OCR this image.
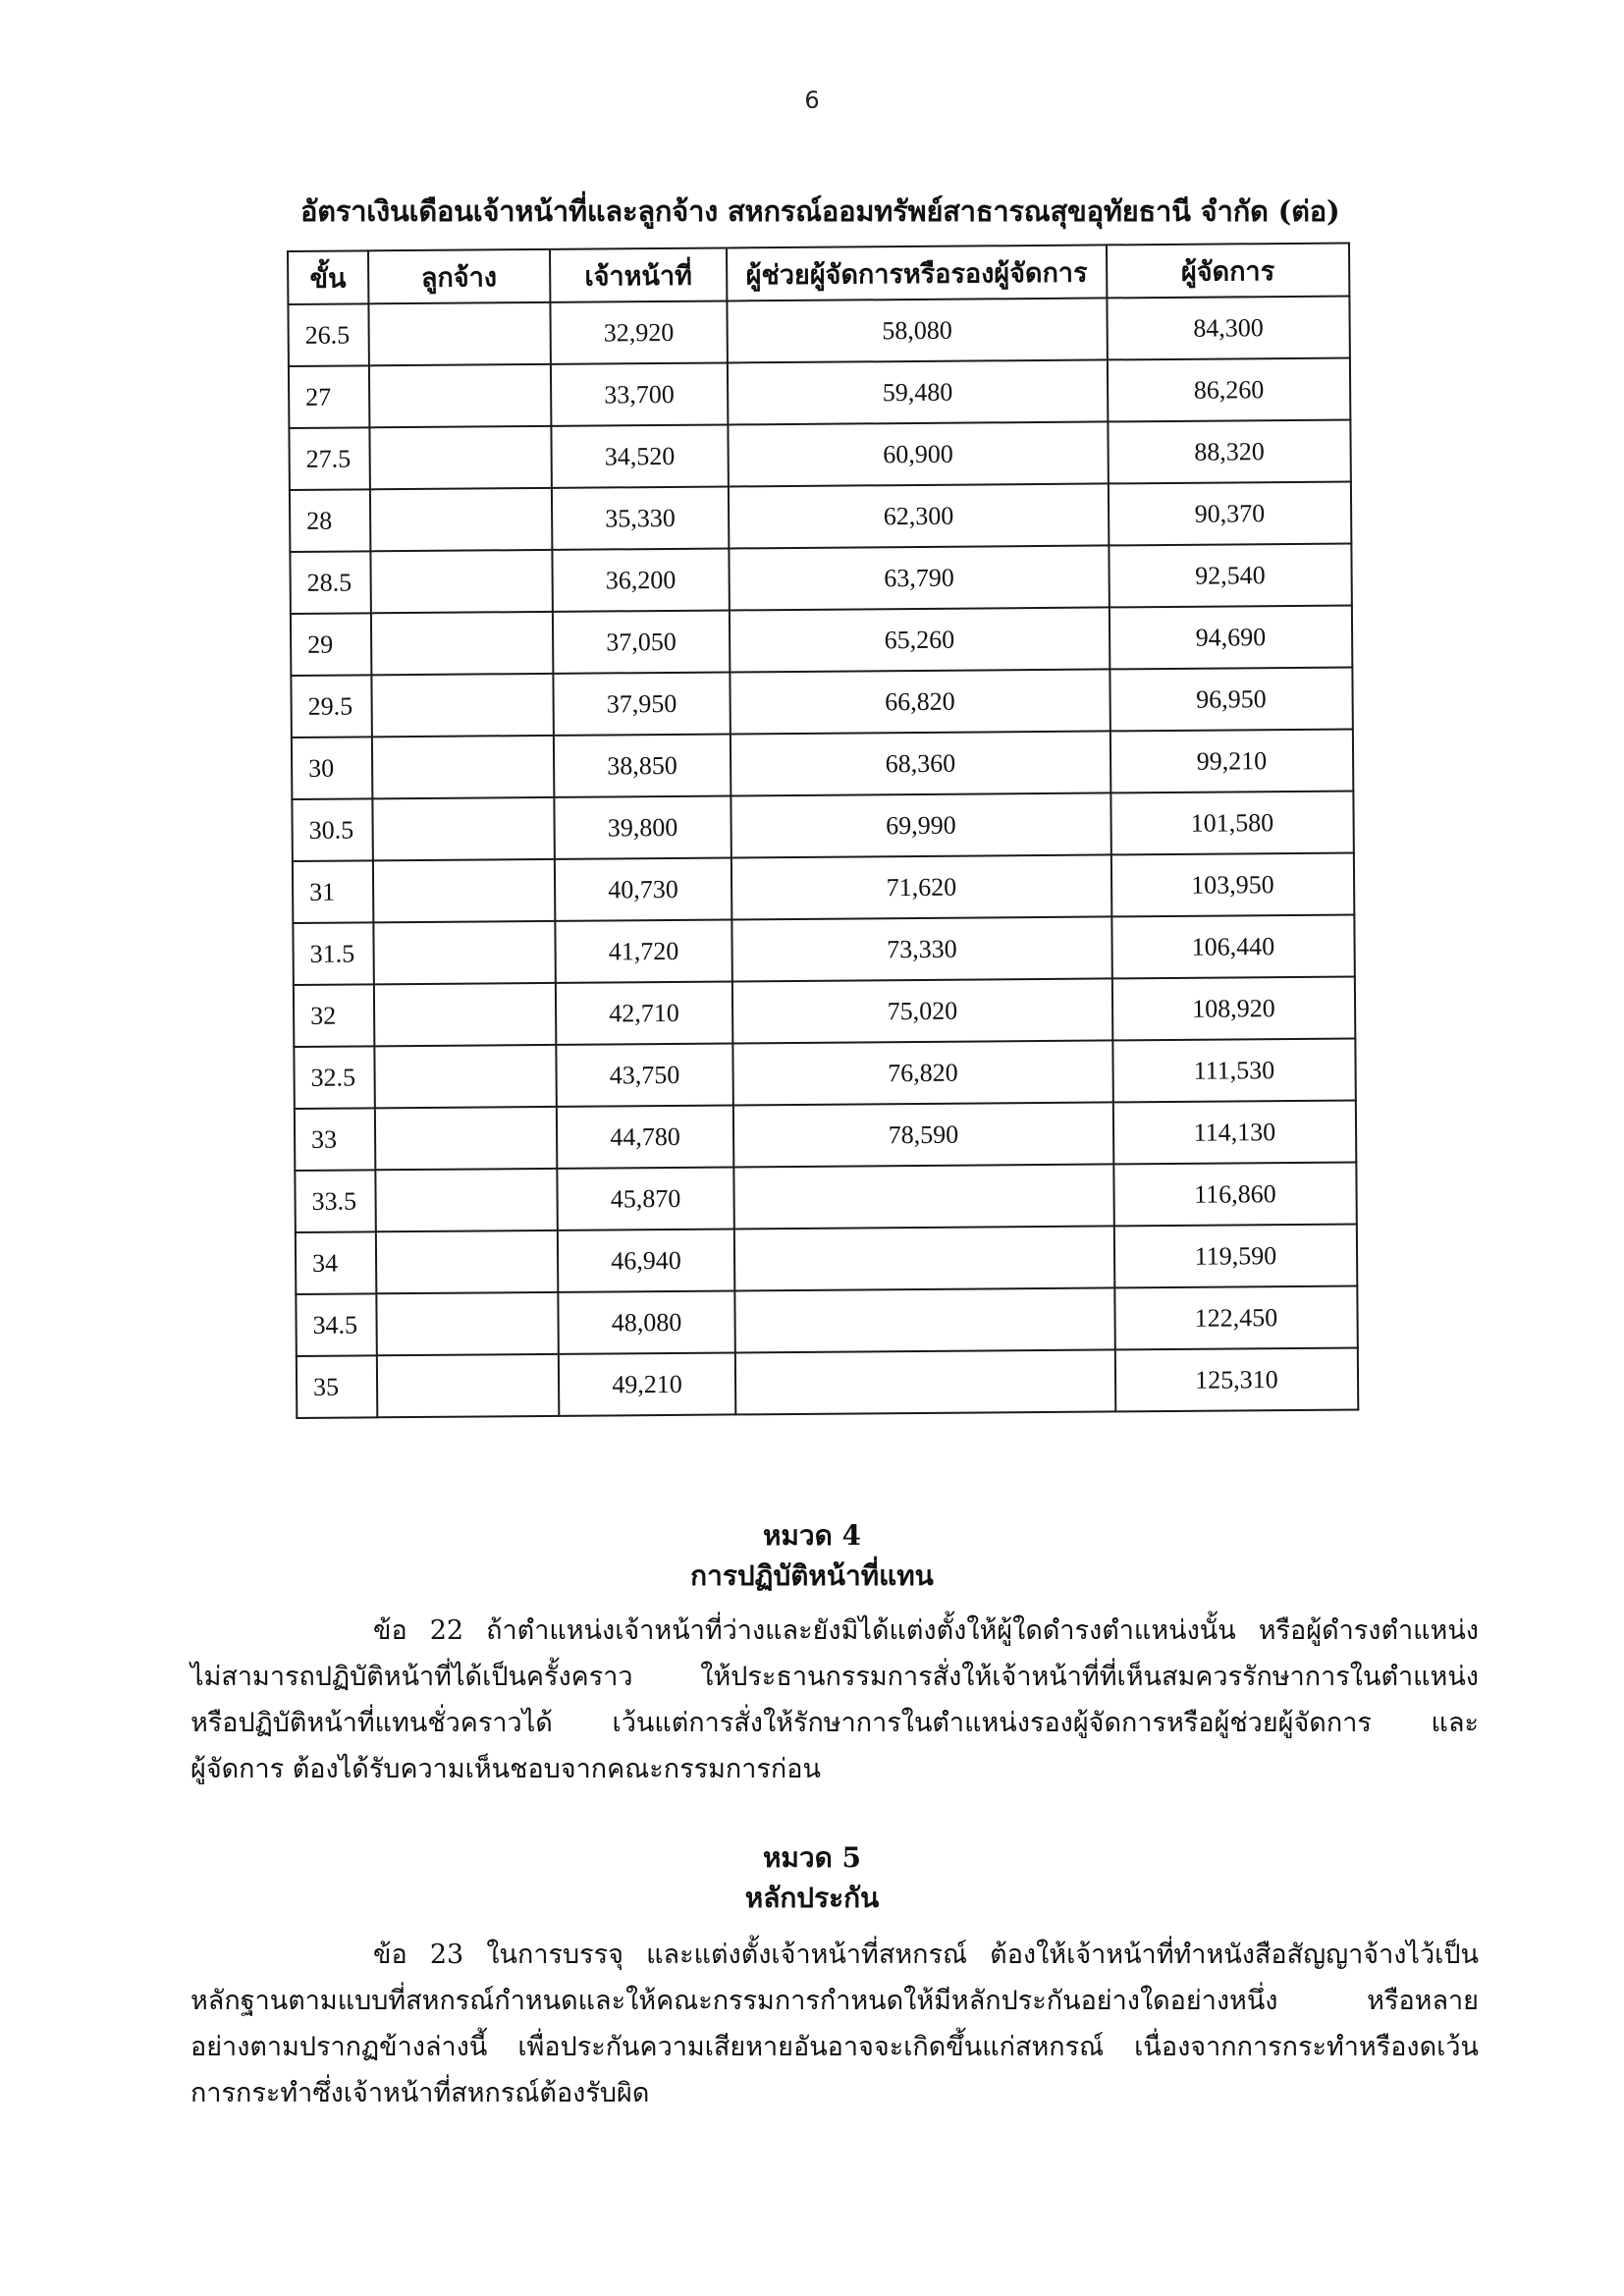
6
อัตราเงินเดือนเจ้าหน้าที่และลูกจ้าง สหกรณ์ออมทรัพย์สาธารณสุขอุทัยธานี จำกัด (ต่อ)
ขั้น	ลูกจ้าง	เจ้าหน้าที่	ผู้ช่วยผู้จัดการหรือรองผู้จัดการ	ผู้จัดการ
26.5		32,920	58,080	84,300
27		33,700	59,480	86,260
27.5		34,520	60,900	88,320
28		35,330	62,300	90,370
28.5		36,200	63,790	92,540
29		37,050	65,260	94,690
29.5		37,950	66,820	96,950
30		38,850	68,360	99,210
30.5		39,800	69,990	101,580
31		40,730	71,620	103,950
31.5		41,720	73,330	106,440
32		42,710	75,020	108,920
32.5		43,750	76,820	111,530
33		44,780	78,590	114,130
33.5		45,870		116,860
34		46,940		119,590
34.5		48,080		122,450
35		49,210		125,310
หมวด 4
การปฏิบัติหน้าที่แทน
ข้อ 22 ถ้าตำแหน่งเจ้าหน้าที่ว่างและยังมิได้แต่งตั้งให้ผู้ใดดำรงตำแหน่งนั้น หรือผู้ดำรงตำแหน่ง
ไม่สามารถปฏิบัติหน้าที่ได้เป็นครั้งคราว ให้ประธานกรรมการสั่งให้เจ้าหน้าที่ที่เห็นสมควรรักษาการในตำแหน่ง
หรือปฏิบัติหน้าที่แทนชั่วคราวได้ เว้นแต่การสั่งให้รักษาการในตำแหน่งรองผู้จัดการหรือผู้ช่วยผู้จัดการ และ
ผู้จัดการ ต้องได้รับความเห็นชอบจากคณะกรรมการก่อน
หมวด 5
หลักประกัน
ข้อ 23 ในการบรรจุ และแต่งตั้งเจ้าหน้าที่สหกรณ์ ต้องให้เจ้าหน้าที่ทำหนังสือสัญญาจ้างไว้เป็น
หลักฐานตามแบบที่สหกรณ์กำหนดและให้คณะกรรมการกำหนดให้มีหลักประกันอย่างใดอย่างหนึ่ง หรือหลาย
อย่างตามปรากฏข้างล่างนี้ เพื่อประกันความเสียหายอันอาจจะเกิดขึ้นแก่สหกรณ์ เนื่องจากการกระทำหรืองดเว้น
การกระทำซึ่งเจ้าหน้าที่สหกรณ์ต้องรับผิด
